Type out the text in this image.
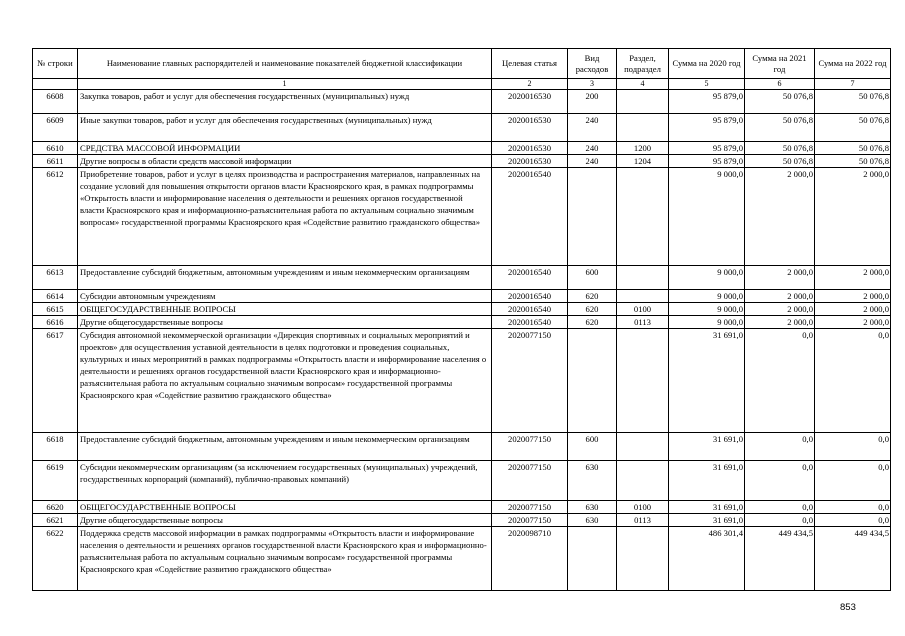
№ строки	Наименование главных распорядителей и наименование показателей бюджетной классификации	Целевая статья	Вид расходов	Раздел, подраздел	Сумма на 2020 год	Сумма на 2021 год	Сумма на 2022 год
	1	2	3	4	5	6	7
6608	Закупка товаров, работ и услуг для обеспечения государственных (муниципальных) нужд	2020016530	200		95 879,0	50 076,8	50 076,8
6609	Иные закупки товаров, работ и услуг для обеспечения государственных (муниципальных) нужд	2020016530	240		95 879,0	50 076,8	50 076,8
6610	СРЕДСТВА МАССОВОЙ ИНФОРМАЦИИ	2020016530	240	1200	95 879,0	50 076,8	50 076,8
6611	Другие вопросы в области средств массовой информации	2020016530	240	1204	95 879,0	50 076,8	50 076,8
6612	Приобретение товаров, работ и услуг в целях производства и распространения материалов, направленных на создание условий для повышения открытости органов власти Красноярского края, в рамках подпрограммы «Открытость власти и информирование населения о деятельности и решениях органов государственной власти Красноярского края и информационно-разъяснительная работа по актуальным социально значимым вопросам» государственной программы Красноярского края «Содействие развитию гражданского общества»	2020016540			9 000,0	2 000,0	2 000,0
6613	Предоставление субсидий бюджетным, автономным учреждениям и иным некоммерческим организациям	2020016540	600		9 000,0	2 000,0	2 000,0
6614	Субсидии автономным учреждениям	2020016540	620		9 000,0	2 000,0	2 000,0
6615	ОБЩЕГОСУДАРСТВЕННЫЕ ВОПРОСЫ	2020016540	620	0100	9 000,0	2 000,0	2 000,0
6616	Другие общегосударственные вопросы	2020016540	620	0113	9 000,0	2 000,0	2 000,0
6617	Субсидия автономной некоммерческой организации «Дирекция спортивных и социальных мероприятий и проектов» для осуществления уставной деятельности в целях подготовки и проведения социальных, культурных и иных мероприятий в рамках подпрограммы «Открытость власти и информирование населения о деятельности и решениях органов государственной власти Красноярского края и информационно-разъяснительная работа по актуальным социально значимым вопросам» государственной программы Красноярского края «Содействие развитию гражданского общества»	2020077150			31 691,0	0,0	0,0
6618	Предоставление субсидий бюджетным, автономным учреждениям и иным некоммерческим организациям	2020077150	600		31 691,0	0,0	0,0
6619	Субсидии некоммерческим организациям (за исключением государственных (муниципальных) учреждений, государственных корпораций (компаний), публично-правовых компаний)	2020077150	630		31 691,0	0,0	0,0
6620	ОБЩЕГОСУДАРСТВЕННЫЕ ВОПРОСЫ	2020077150	630	0100	31 691,0	0,0	0,0
6621	Другие общегосударственные вопросы	2020077150	630	0113	31 691,0	0,0	0,0
6622	Поддержка средств массовой информации в рамках подпрограммы «Открытость власти и информирование населения о деятельности и решениях органов государственной власти Красноярского края и информационно-разъяснительная работа по актуальным социально значимым вопросам» государственной программы Красноярского края «Содействие развитию гражданского общества»	2020098710			486 301,4	449 434,5	449 434,5
853
